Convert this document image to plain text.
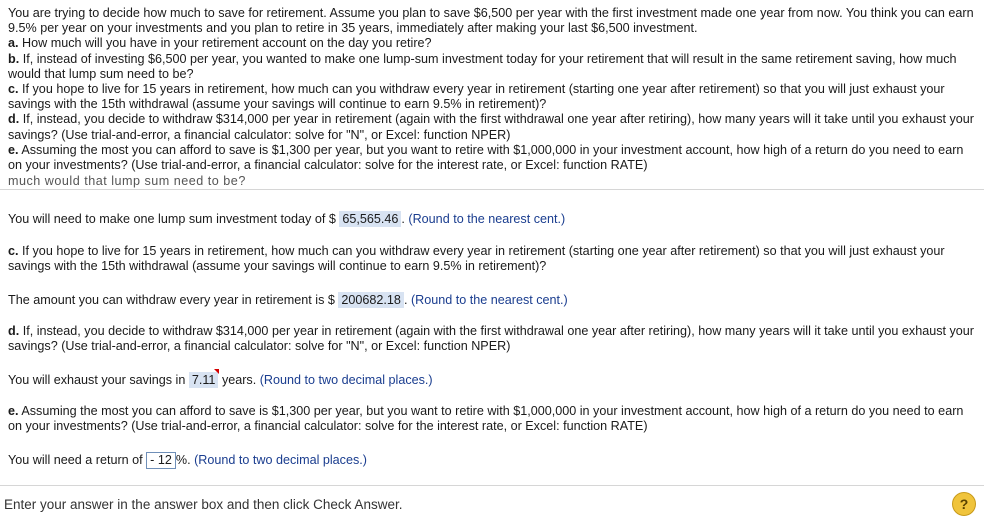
You are trying to decide how much to save for retirement. Assume you plan to save $6,500 per year with the first investment made one year from now. You think you can earn 9.5% per year on your investments and you plan to retire in 35 years, immediately after making your last $6,500 investment.

a. How much will you have in your retirement account on the day you retire?

b. If, instead of investing $6,500 per year, you wanted to make one lump-sum investment today for your retirement that will result in the same retirement saving, how much would that lump sum need to be?

c. If you hope to live for 15 years in retirement, how much can you withdraw every year in retirement (starting one year after retirement) so that you will just exhaust your savings with the 15th withdrawal (assume your savings will continue to earn 9.5% in retirement)?

d. If, instead, you decide to withdraw $314,000 per year in retirement (again with the first withdrawal one year after retiring), how many years will it take until you exhaust your savings? (Use trial-and-error, a financial calculator: solve for "N", or Excel: function NPER)

e. Assuming the most you can afford to save is $1,300 per year, but you want to retire with $1,000,000 in your investment account, how high of a return do you need to earn on your investments? (Use trial-and-error, a financial calculator: solve for the interest rate, or Excel: function RATE)

much would that lump sum need to be?

You will need to make one lump sum investment today of $ 65,565.46 . (Round to the nearest cent.)

c. If you hope to live for 15 years in retirement, how much can you withdraw every year in retirement (starting one year after retirement) so that you will just exhaust your savings with the 15th withdrawal (assume your savings will continue to earn 9.5% in retirement)?

The amount you can withdraw every year in retirement is $ 200682.18 . (Round to the nearest cent.)

d. If, instead, you decide to withdraw $314,000 per year in retirement (again with the first withdrawal one year after retiring), how many years will it take until you exhaust your savings? (Use trial-and-error, a financial calculator: solve for "N", or Excel: function NPER)

You will exhaust your savings in 7.11 years. (Round to two decimal places.)

e. Assuming the most you can afford to save is $1,300 per year, but you want to retire with $1,000,000 in your investment account, how high of a return do you need to earn on your investments? (Use trial-and-error, a financial calculator: solve for the interest rate, or Excel: function RATE)

You will need a return of - 12 %. (Round to two decimal places.)

Enter your answer in the answer box and then click Check Answer.	?
